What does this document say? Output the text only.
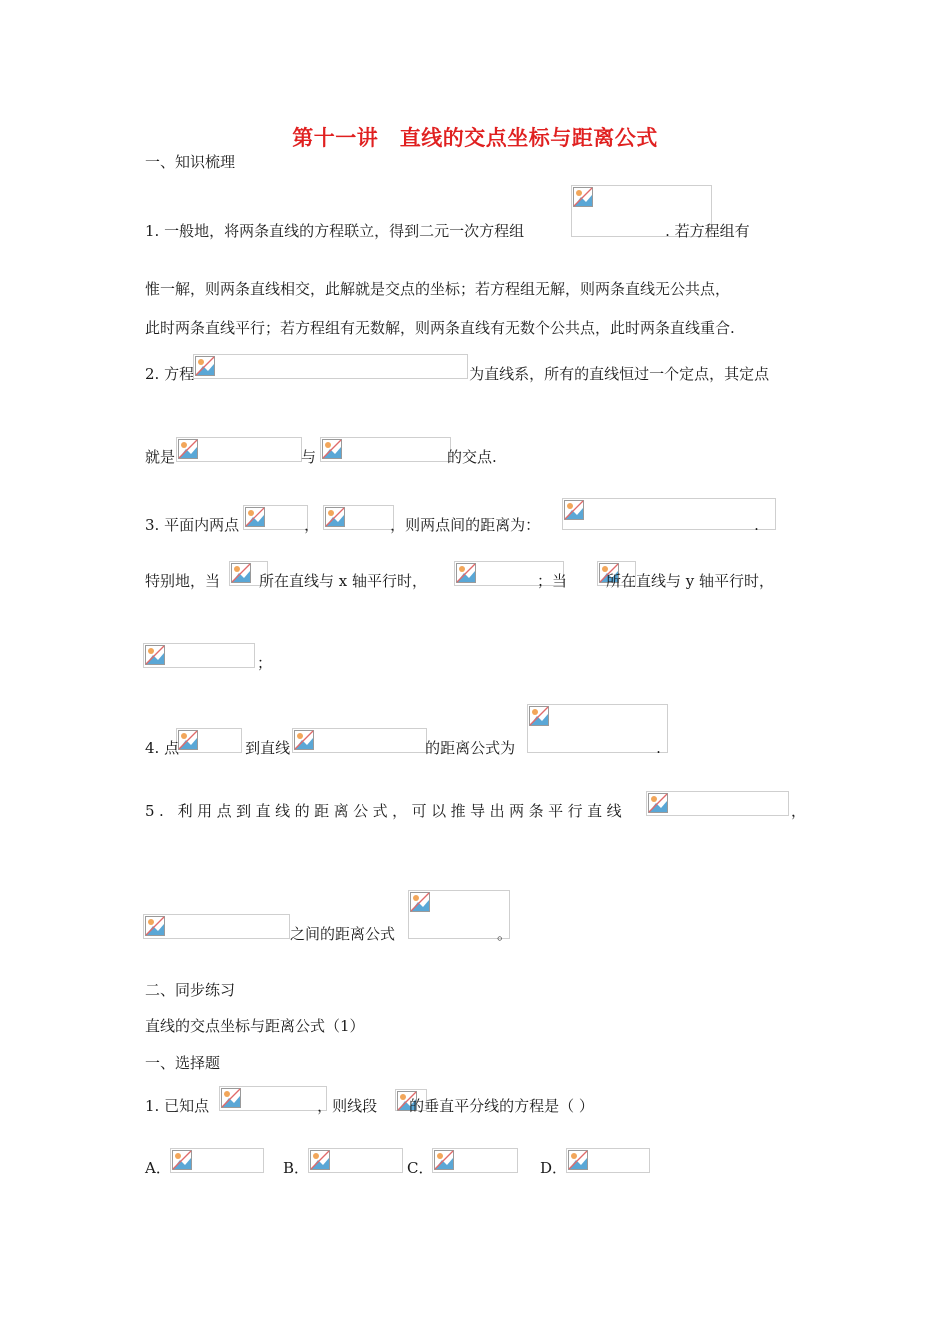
第十一讲　直线的交点坐标与距离公式
一、知识梳理
1. 一般地，将两条直线的方程联立，得到二元一次方程组	. 若方程组有
惟一解，则两条直线相交，此解就是交点的坐标；若方程组无解，则两条直线无公共点，
此时两条直线平行；若方程组有无数解，则两条直线有无数个公共点，此时两条直线重合.
2. 方程	为直线系，所有的直线恒过一个定点，其定点
就是	与	的交点.
3. 平面内两点	，	，则两点间的距离为：	.
特别地，当	所在直线与 x 轴平行时，	；当	所在直线与 y 轴平行时，
；
4. 点	到直线	的距离公式为	.
5. 利用点到直线的距离公式，可以推导出两条平行直线	，
之间的距离公式	。
二、同步练习
直线的交点坐标与距离公式（1）
一、选择题
1. 已知点	，则线段 的垂直平分线的方程是（ ）
A．	B．	C．	D．
